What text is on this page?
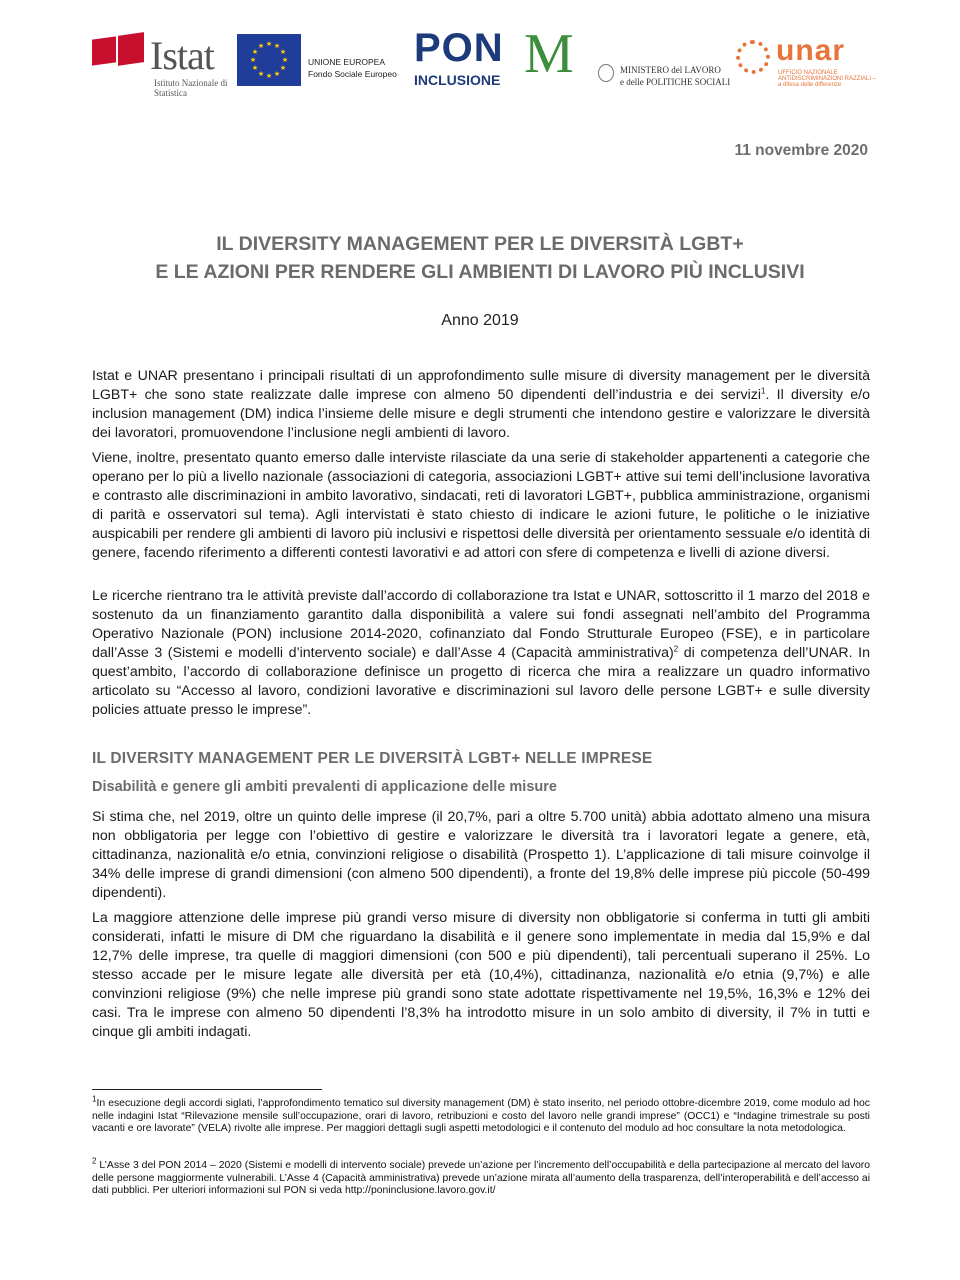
Istat
Istituto Nazionale di Statistica
★ ★
★
★
★
★
★
★
★
★
★
★
UNIONE EUROPEA
Fondo Sociale Europeo
PON
INCLUSIONE M	MINISTERO del LAVORO
e delle POLITICHE SOCIALI
unar
UFFICIO NAZIONALE ANTIDISCRIMINAZIONI RAZZIALI – a difesa delle differenze
11 novembre 2020
IL DIVERSITY MANAGEMENT PER LE DIVERSITÀ LGBT+
E LE AZIONI PER RENDERE GLI AMBIENTI DI LAVORO PIÙ INCLUSIVI
Anno 2019

Istat e UNAR presentano i principali risultati di un approfondimento sulle misure di diversity management per le diversità LGBT+ che sono state realizzate dalle imprese con almeno 50 dipendenti dell’industria e dei servizi$^1$. Il diversity e/o inclusion management (DM) indica l’insieme delle misure e degli strumenti che intendono gestire e valorizzare le diversità dei lavoratori, promuovendone l’inclusione negli ambienti di lavoro.

Viene, inoltre, presentato quanto emerso dalle interviste rilasciate da una serie di stakeholder appartenenti a categorie che operano per lo più a livello nazionale (associazioni di categoria, associazioni LGBT+ attive sui temi dell’inclusione lavorativa e contrasto alle discriminazioni in ambito lavorativo, sindacati, reti di lavoratori LGBT+, pubblica amministrazione, organismi di parità e osservatori sul tema). Agli intervistati è stato chiesto di indicare le azioni future, le politiche o le iniziative auspicabili per rendere gli ambienti di lavoro più inclusivi e rispettosi delle diversità per orientamento sessuale e/o identità di genere, facendo riferimento a differenti contesti lavorativi e ad attori con sfere di competenza e livelli di azione diversi.

Le ricerche rientrano tra le attività previste dall’accordo di collaborazione tra Istat e UNAR, sottoscritto il 1 marzo del 2018 e sostenuto da un finanziamento garantito dalla disponibilità a valere sui fondi assegnati nell’ambito del Programma Operativo Nazionale (PON) inclusione 2014-2020, cofinanziato dal Fondo Strutturale Europeo (FSE), e in particolare dall’Asse 3 (Sistemi e modelli d’intervento sociale) e dall’Asse 4 (Capacità amministrativa)$^2$ di competenza dell’UNAR. In quest’ambito, l’accordo di collaborazione definisce un progetto di ricerca che mira a realizzare un quadro informativo articolato su “Accesso al lavoro, condizioni lavorative e discriminazioni sul lavoro delle persone LGBT+ e sulle diversity policies attuate presso le imprese”.

IL DIVERSITY MANAGEMENT PER LE DIVERSITÀ LGBT+ NELLE IMPRESE
Disabilità e genere gli ambiti prevalenti di applicazione delle misure

Si stima che, nel 2019, oltre un quinto delle imprese (il 20,7%, pari a oltre 5.700 unità) abbia adottato almeno una misura non obbligatoria per legge con l’obiettivo di gestire e valorizzare le diversità tra i lavoratori legate a genere, età, cittadinanza, nazionalità e/o etnia, convinzioni religiose o disabilità (Prospetto 1). L’applicazione di tali misure coinvolge il 34% delle imprese di grandi dimensioni (con almeno 500 dipendenti), a fronte del 19,8% delle imprese più piccole (50-499 dipendenti).

La maggiore attenzione delle imprese più grandi verso misure di diversity non obbligatorie si conferma in tutti gli ambiti considerati, infatti le misure di DM che riguardano la disabilità e il genere sono implementate in media dal 15,9% e dal 12,7% delle imprese, tra quelle di maggiori dimensioni (con 500 e più dipendenti), tali percentuali superano il 25%. Lo stesso accade per le misure legate alle diversità per età (10,4%), cittadinanza, nazionalità e/o etnia (9,7%) e alle convinzioni religiose (9%) che nelle imprese più grandi sono state adottate rispettivamente nel 19,5%, 16,3% e 12% dei casi. Tra le imprese con almeno 50 dipendenti l’8,3% ha introdotto misure in un solo ambito di diversity, il 7% in tutti e cinque gli ambiti indagati.

$^1$In esecuzione degli accordi siglati, l’approfondimento tematico sul diversity management (DM) è stato inserito, nel periodo ottobre-dicembre 2019, come modulo ad hoc nelle indagini Istat “Rilevazione mensile sull’occupazione, orari di lavoro, retribuzioni e costo del lavoro nelle grandi imprese” (OCC1) e “Indagine trimestrale su posti vacanti e ore lavorate” (VELA) rivolte alle imprese. Per maggiori dettagli sugli aspetti metodologici e il contenuto del modulo ad hoc consultare la nota metodologica.

$^2$ L’Asse 3 del PON 2014 – 2020 (Sistemi e modelli di intervento sociale) prevede un’azione per l’incremento dell’occupabilità e della partecipazione al mercato del lavoro delle persone maggiormente vulnerabili. L’Asse 4 (Capacità amministrativa) prevede un’azione mirata all’aumento della trasparenza, dell’interoperabilità e dell’accesso ai dati pubblici. Per ulteriori informazioni sul PON si veda http://poninclusione.lavoro.gov.it/
